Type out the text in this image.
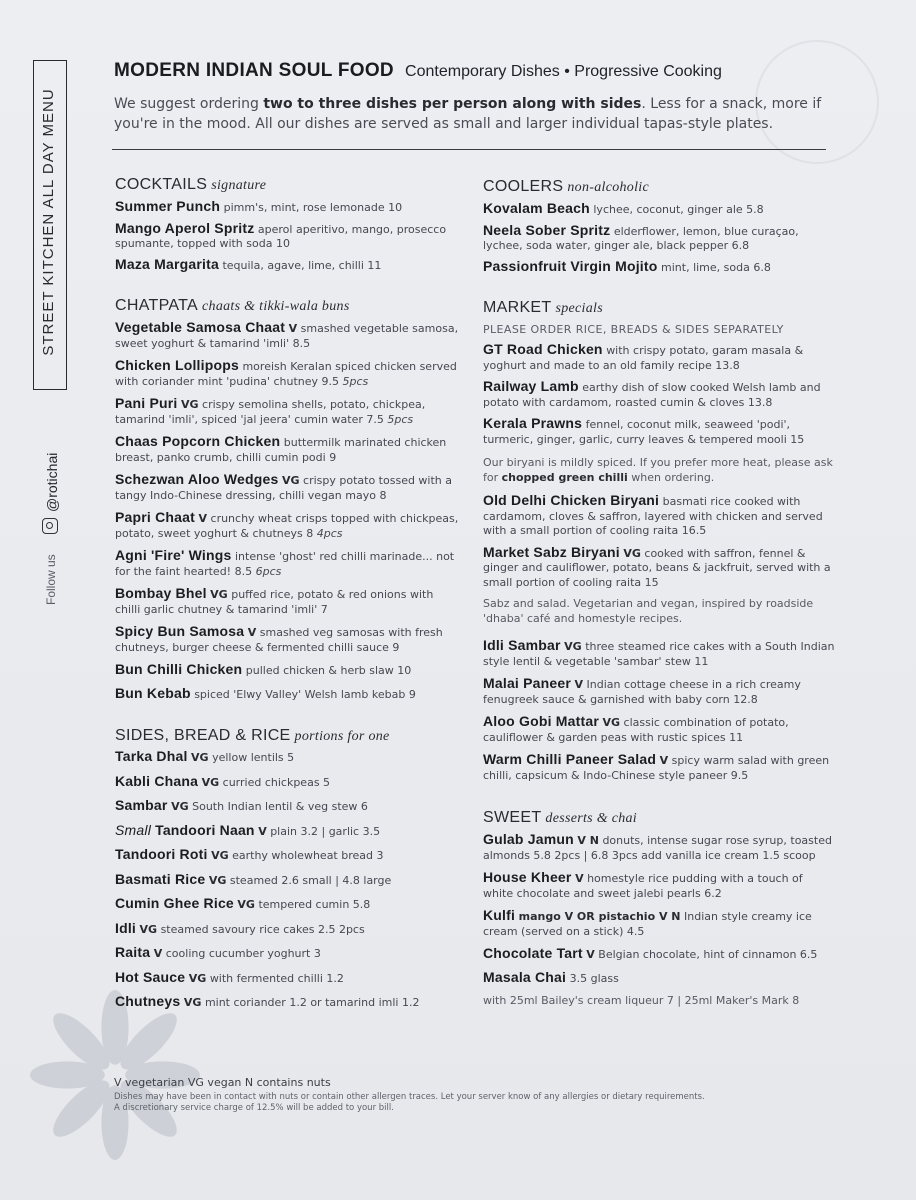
STREET KITCHEN ALL DAY MENU
Follow us
@rotichai
MODERN INDIAN SOUL FOOD Contemporary Dishes • Progressive Cooking
We suggest ordering two to three dishes per person along with sides. Less for a snack, more if you're in the mood. All our dishes are served as small and larger individual tapas-style plates.
COCKTAILS signature
Summer Punch pimm's, mint, rose lemonade 10
Mango Aperol Spritz aperol aperitivo, mango, prosecco spumante, topped with soda 10
Maza Margarita tequila, agave, lime, chilli 11
CHATPATA chaats & tikki-wala buns
Vegetable Samosa Chaat V smashed vegetable samosa, sweet yoghurt & tamarind 'imli' 8.5
Chicken Lollipops moreish Keralan spiced chicken served with coriander mint 'pudina' chutney 9.5 5pcs
Pani Puri VG crispy semolina shells, potato, chickpea, tamarind 'imli', spiced 'jal jeera' cumin water 7.5 5pcs
Chaas Popcorn Chicken buttermilk marinated chicken breast, panko crumb, chilli cumin podi 9
Schezwan Aloo Wedges VG crispy potato tossed with a tangy Indo-Chinese dressing, chilli vegan mayo 8
Papri Chaat V crunchy wheat crisps topped with chickpeas, potato, sweet yoghurt & chutneys 8 4pcs
Agni 'Fire' Wings intense 'ghost' red chilli marinade... not for the faint hearted! 8.5 6pcs
Bombay Bhel VG puffed rice, potato & red onions with chilli garlic chutney & tamarind 'imli' 7
Spicy Bun Samosa V smashed veg samosas with fresh chutneys, burger cheese & fermented chilli sauce 9
Bun Chilli Chicken pulled chicken & herb slaw 10
Bun Kebab spiced 'Elwy Valley' Welsh lamb kebab 9
SIDES, BREAD & RICE portions for one
Tarka Dhal VG yellow lentils 5
Kabli Chana VG curried chickpeas 5
Sambar VG South Indian lentil & veg stew 6
Small Tandoori Naan V plain 3.2 | garlic 3.5
Tandoori Roti VG earthy wholewheat bread 3
Basmati Rice VG steamed 2.6 small | 4.8 large
Cumin Ghee Rice VG tempered cumin 5.8
Idli VG steamed savoury rice cakes 2.5 2pcs
Raita V cooling cucumber yoghurt 3
Hot Sauce VG with fermented chilli 1.2
Chutneys VG mint coriander 1.2 or tamarind imli 1.2
COOLERS non-alcoholic
Kovalam Beach lychee, coconut, ginger ale 5.8
Neela Sober Spritz elderflower, lemon, blue curaçao, lychee, soda water, ginger ale, black pepper 6.8
Passionfruit Virgin Mojito mint, lime, soda 6.8
MARKET specials
PLEASE ORDER RICE, BREADS & SIDES SEPARATELY
GT Road Chicken with crispy potato, garam masala & yoghurt and made to an old family recipe 13.8
Railway Lamb earthy dish of slow cooked Welsh lamb and potato with cardamom, roasted cumin & cloves 13.8
Kerala Prawns fennel, coconut milk, seaweed 'podi', turmeric, ginger, garlic, curry leaves & tempered mooli 15
Our biryani is mildly spiced. If you prefer more heat, please ask for chopped green chilli when ordering.
Old Delhi Chicken Biryani basmati rice cooked with cardamom, cloves & saffron, layered with chicken and served with a small portion of cooling raita 16.5
Market Sabz Biryani VG cooked with saffron, fennel & ginger and cauliflower, potato, beans & jackfruit, served with a small portion of cooling raita 15
Sabz and salad. Vegetarian and vegan, inspired by roadside 'dhaba' café and homestyle recipes.
Idli Sambar VG three steamed rice cakes with a South Indian style lentil & vegetable 'sambar' stew 11
Malai Paneer V Indian cottage cheese in a rich creamy fenugreek sauce & garnished with baby corn 12.8
Aloo Gobi Mattar VG classic combination of potato, cauliflower & garden peas with rustic spices 11
Warm Chilli Paneer Salad V spicy warm salad with green chilli, capsicum & Indo-Chinese style paneer 9.5
SWEET desserts & chai
Gulab Jamun V N donuts, intense sugar rose syrup, toasted almonds 5.8 2pcs | 6.8 3pcs add vanilla ice cream 1.5 scoop
House Kheer V homestyle rice pudding with a touch of white chocolate and sweet jalebi pearls 6.2
Kulfi mango V OR pistachio V N Indian style creamy ice cream (served on a stick) 4.5
Chocolate Tart V Belgian chocolate, hint of cinnamon 6.5
Masala Chai 3.5 glass
with 25ml Bailey's cream liqueur 7 | 25ml Maker's Mark 8
V vegetarian VG vegan N contains nuts
Dishes may have been in contact with nuts or contain other allergen traces. Let your server know of any allergies or dietary requirements.
A discretionary service charge of 12.5% will be added to your bill.
